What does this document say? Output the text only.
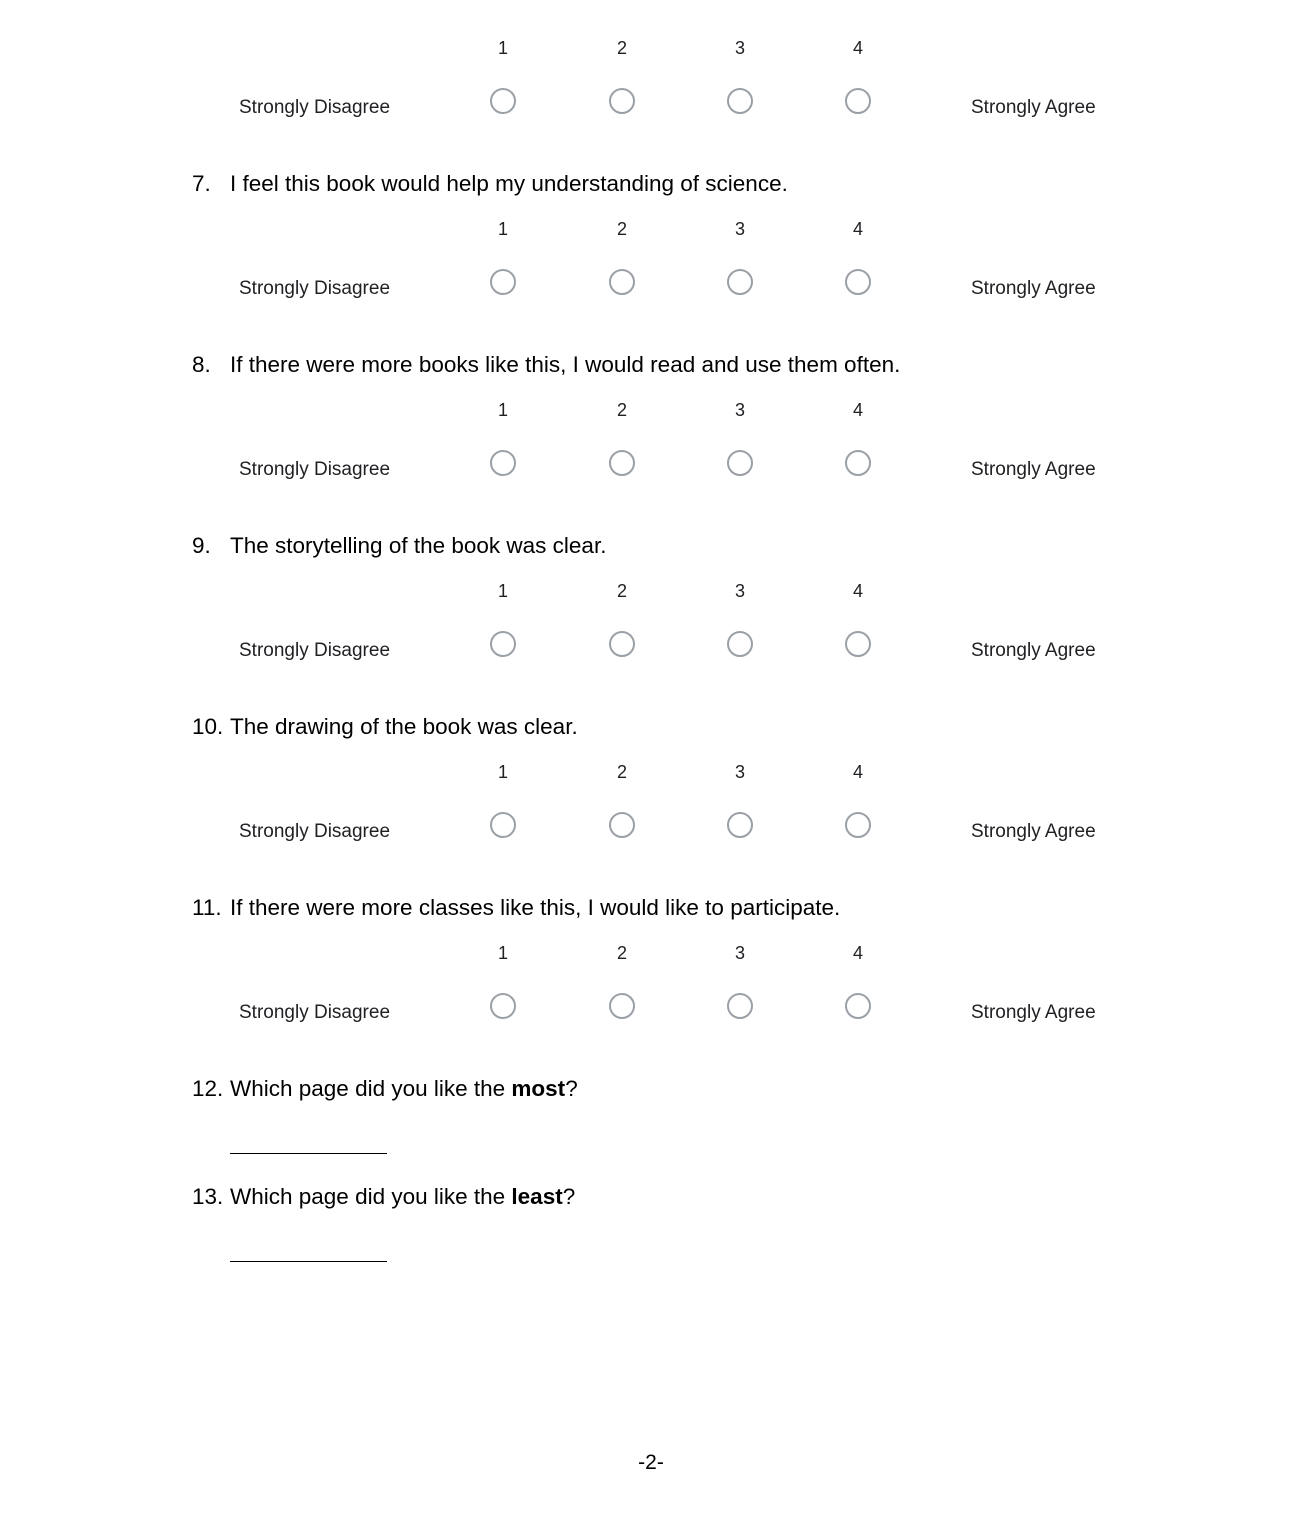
1	2	3	4
Strongly Disagree	Strongly Agree
7. I feel this book would help my understanding of science.
1	2	3	4
Strongly Disagree	Strongly Agree
8. If there were more books like this, I would read and use them often.
1	2	3	4
Strongly Disagree	Strongly Agree
9. The storytelling of the book was clear.
1	2	3	4
Strongly Disagree	Strongly Agree
10. The drawing of the book was clear.
1	2	3	4
Strongly Disagree	Strongly Agree
11. If there were more classes like this, I would like to participate.
1	2	3	4
Strongly Disagree	Strongly Agree
12. Which page did you like the most?
13. Which page did you like the least?
-2-
